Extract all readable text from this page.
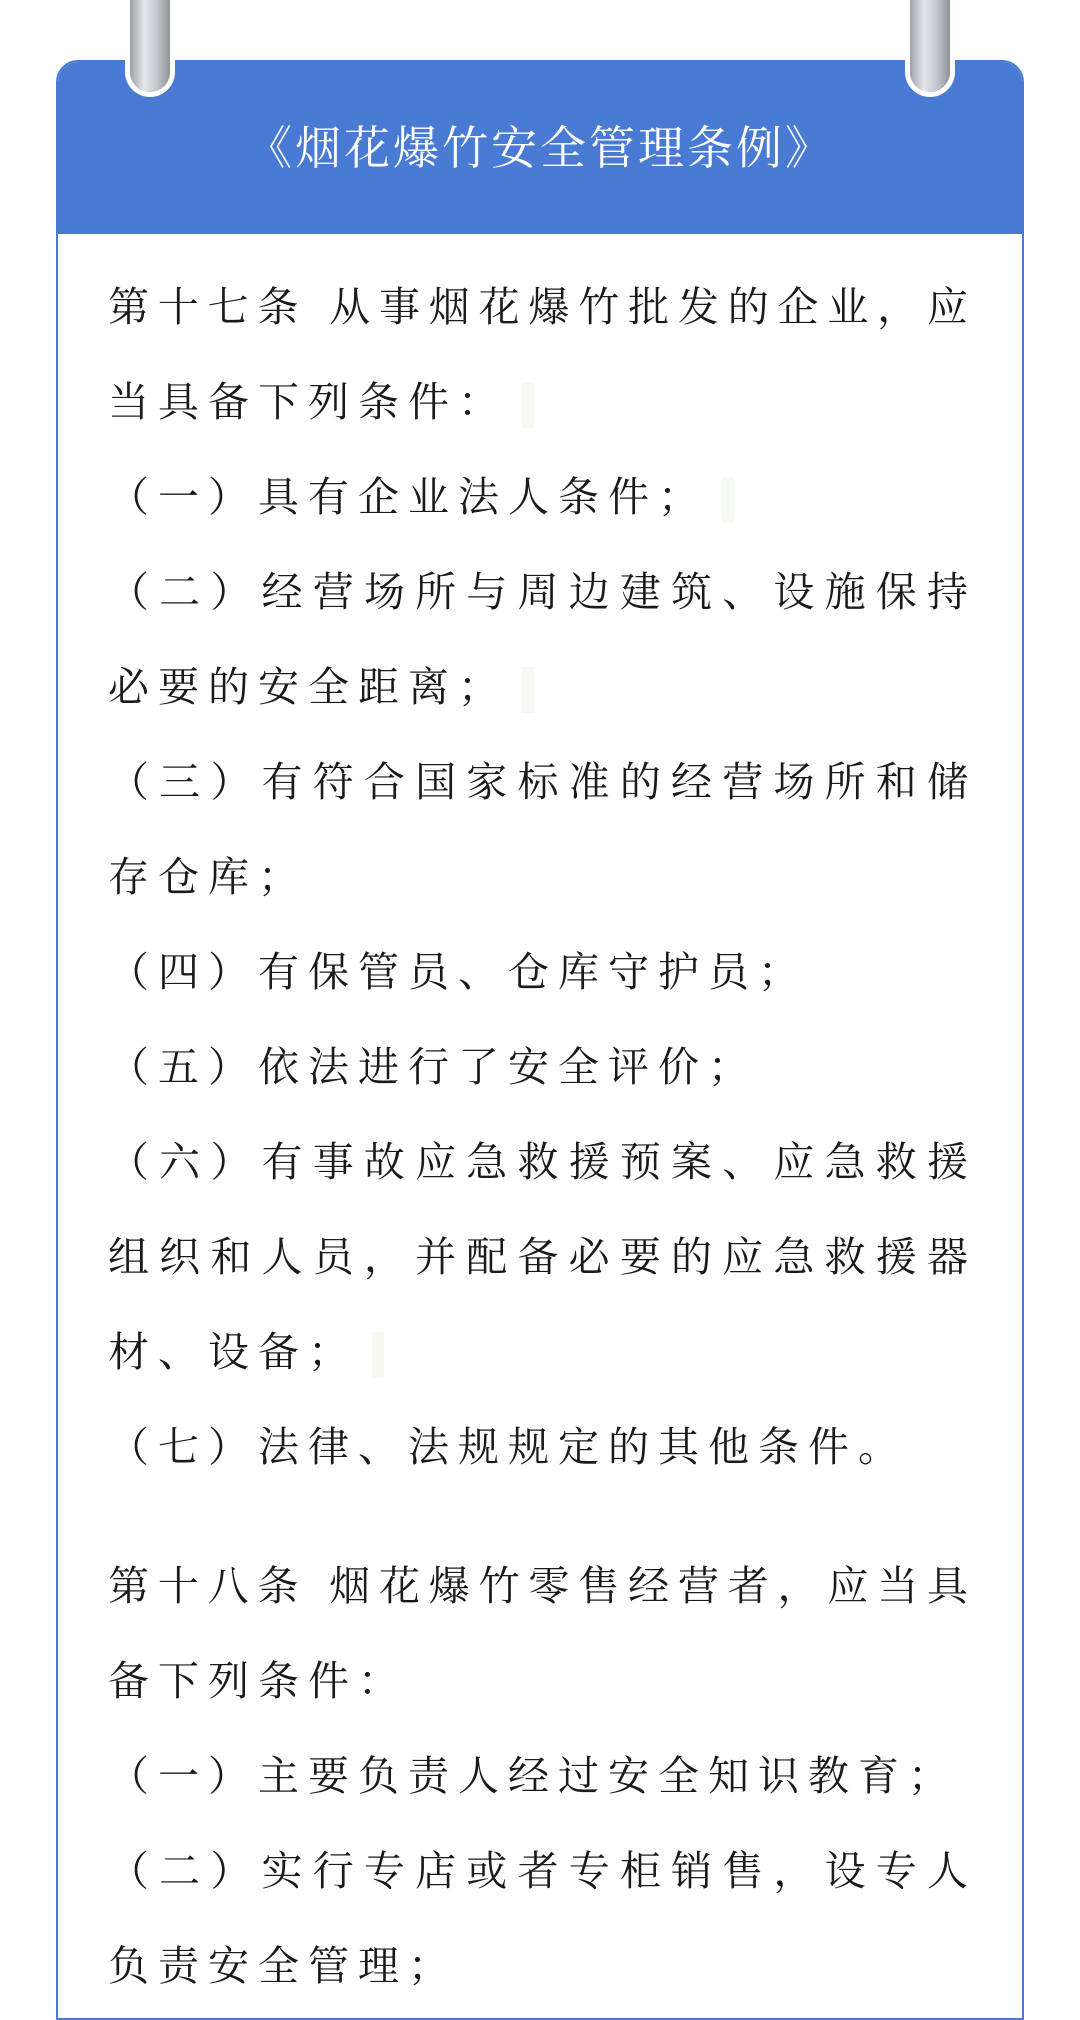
《烟花爆竹安全管理条例》
第十七条 从事烟花爆竹批发的企业，应
当具备下列条件：
（一）具有企业法人条件；
（二）经营场所与周边建筑、设施保持
必要的安全距离；
（三）有符合国家标准的经营场所和储
存仓库；
（四）有保管员、仓库守护员；
（五）依法进行了安全评价；
（六）有事故应急救援预案、应急救援
组织和人员，并配备必要的应急救援器
材、设备；
（七）法律、法规规定的其他条件。
第十八条 烟花爆竹零售经营者，应当具
备下列条件：
（一）主要负责人经过安全知识教育；
（二）实行专店或者专柜销售，设专人
负责安全管理；
